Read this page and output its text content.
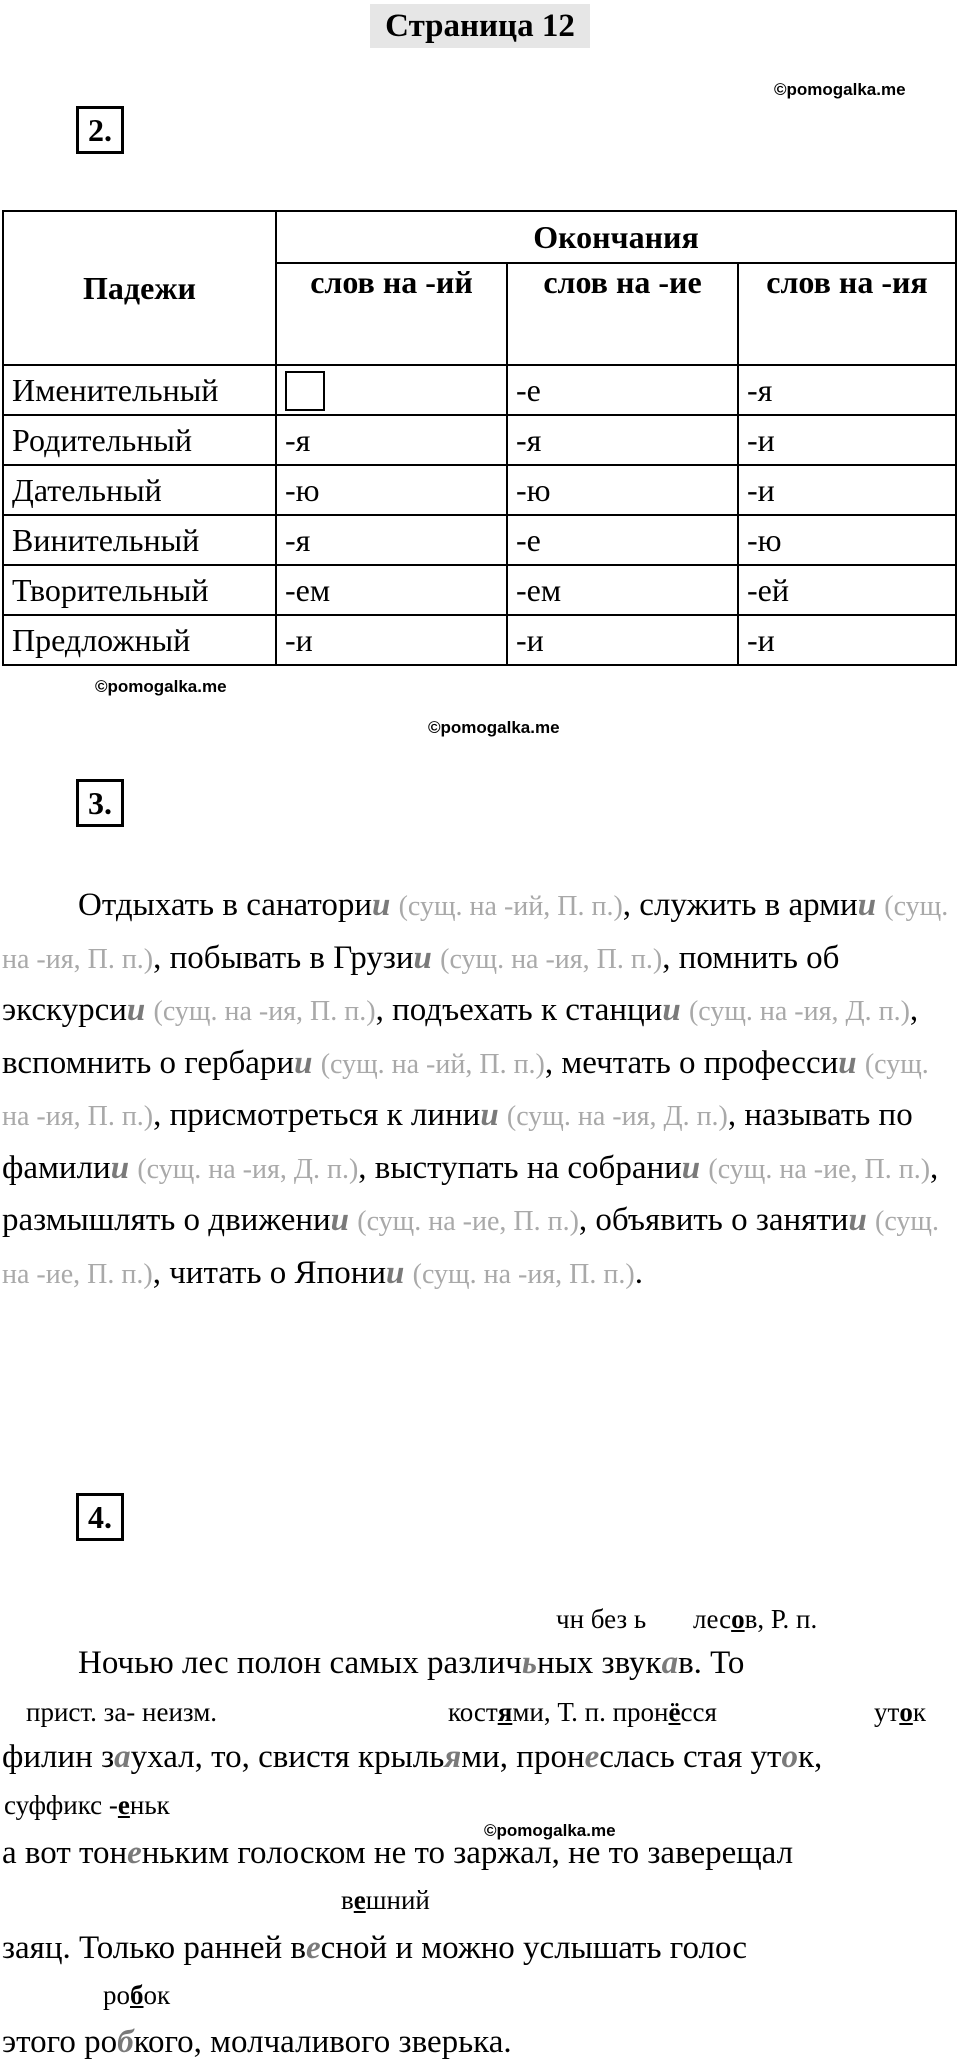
Страница 12
©pomogalka.me
2.
Падежи	Окончания		
	слов на -ий	слов на -ие	слов на -ия
Именительный		-е	-я
Родительный	-я	-я	-и
Дательный	-ю	-ю	-и
Винительный	-я	-е	-ю
Творительный	-ем	-ем	-ей
Предложный	-и	-и	-и
©pomogalka.me
©pomogalka.me
3.
Отдыхать в санатории (сущ. на -ий, П. п.), служить в армии (сущ. на -ия, П. п.), побывать в Грузии (сущ. на -ия, П. п.), помнить об экскурсии (сущ. на -ия, П. п.), подъехать к станции (сущ. на -ия, Д. п.), вспомнить о гербарии (сущ. на -ий, П. п.), мечтать о профессии (сущ. на -ия, П. п.), присмотреться к линии (сущ. на -ия, Д. п.), называть по фамилии (сущ. на -ия, Д. п.), выступать на собрании (сущ. на -ие, П. п.), размышлять о движении (сущ. на -ие, П. п.), объявить о занятии (сущ. на -ие, П. п.), читать о Японии (сущ. на -ия, П. п.).
4.
чн без ь лесов, Р. п.
Ночью лес полон самых различьных звукав. То
прист. за- неизм.	костями, Т. п. пронёсся	уток
филин заухал, то, свистя крыльями, пронеслась стая уток,
суффикс -еньк
©pomogalka.me
а вот тоненьким голоском не то заржал, не то заверещал
вешний
заяц. Только ранней весной и можно услышать голос
робок
этого робкого, молчаливого зверька.
